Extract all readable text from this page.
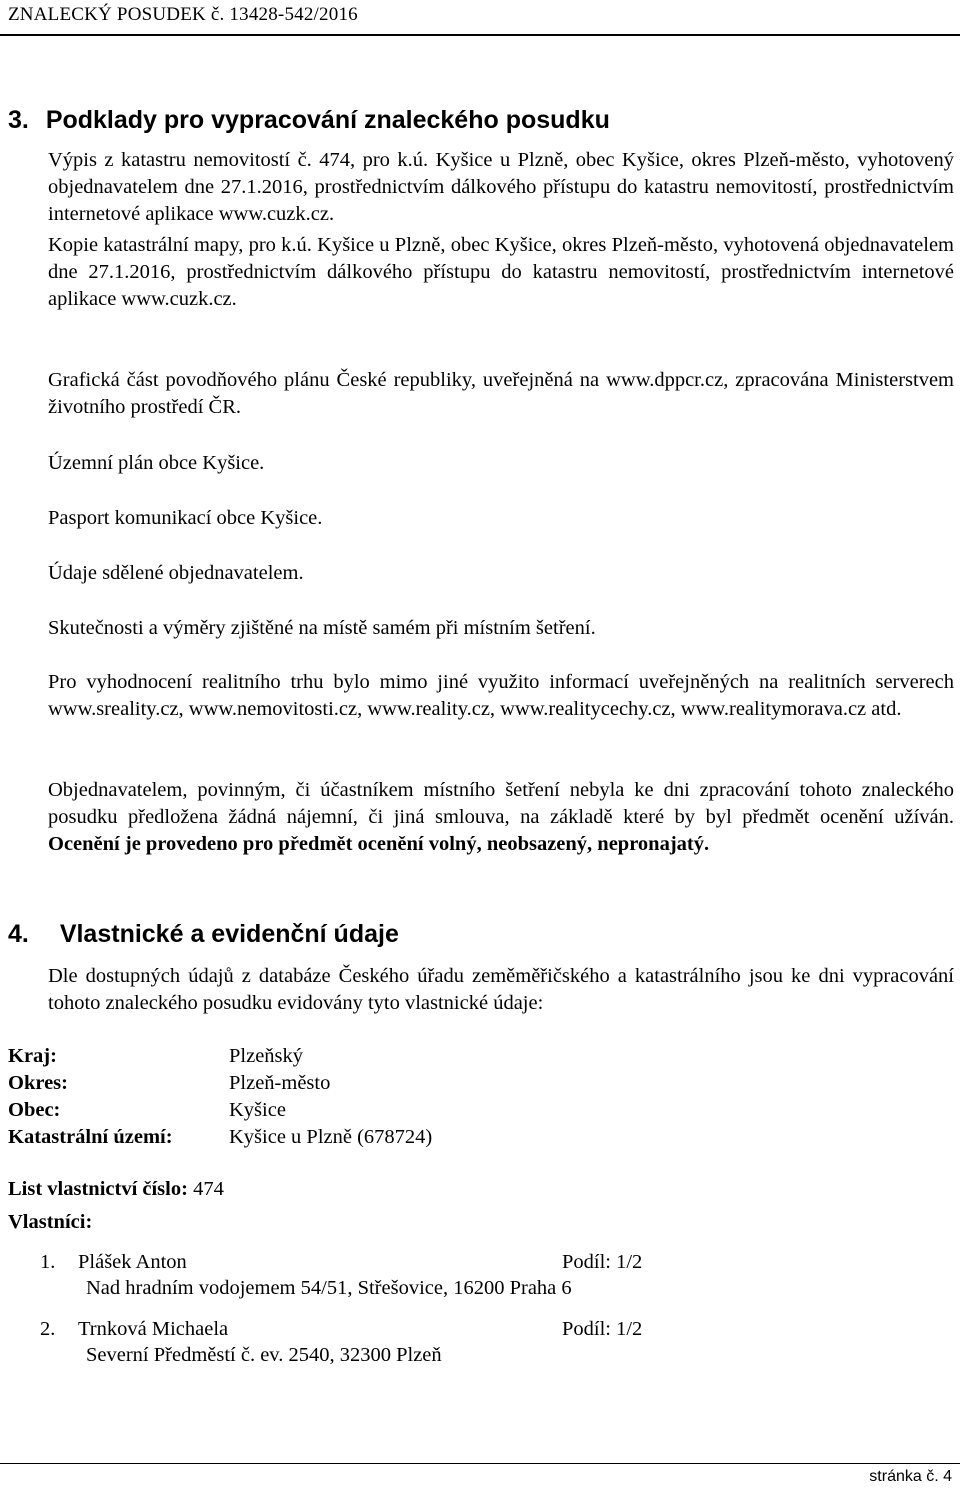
ZNALECKÝ POSUDEK č. 13428-542/2016
3. Podklady pro vypracování znaleckého posudku
Výpis z katastru nemovitostí č. 474, pro k.ú. Kyšice u Plzně, obec Kyšice, okres Plzeň-město, vyhotovený objednavatelem dne 27.1.2016, prostřednictvím dálkového přístupu do katastru nemovitostí, prostřednictvím internetové aplikace www.cuzk.cz.
Kopie katastrální mapy, pro k.ú. Kyšice u Plzně, obec Kyšice, okres Plzeň-město, vyhotovená objednavatelem dne 27.1.2016, prostřednictvím dálkového přístupu do katastru nemovitostí, prostřednictvím internetové aplikace www.cuzk.cz.
Grafická část povodňového plánu České republiky, uveřejněná na www.dppcr.cz, zpracována Ministerstvem životního prostředí ČR.
Územní plán obce Kyšice.
Pasport komunikací obce Kyšice.
Údaje sdělené objednavatelem.
Skutečnosti a výměry zjištěné na místě samém při místním šetření.
Pro vyhodnocení realitního trhu bylo mimo jiné využito informací uveřejněných na realitních serverech www.sreality.cz, www.nemovitosti.cz, www.reality.cz, www.realitycechy.cz, www.realitymorava.cz atd.
Objednavatelem, povinným, či účastníkem místního šetření nebyla ke dni zpracování tohoto znaleckého posudku předložena žádná nájemní, či jiná smlouva, na základě které by byl předmět ocenění užíván. Ocenění je provedeno pro předmět ocenění volný, neobsazený, nepronajatý.
4. Vlastnické a evidenční údaje
Dle dostupných údajů z databáze Českého úřadu zeměměřičského a katastrálního jsou ke dni vypracování tohoto znaleckého posudku evidovány tyto vlastnické údaje:
Kraj:	Plzeňský
Okres:	Plzeň-město
Obec:	Kyšice
Katastrální území:	Kyšice u Plzně (678724)
List vlastnictví číslo: 474
Vlastníci:
1. Plášek Anton	Podíl: 1/2
Nad hradním vodojemem 54/51, Střešovice, 16200 Praha 6
2. Trnková Michaela	Podíl: 1/2
Severní Předměstí č. ev. 2540, 32300 Plzeň
stránka č. 4
